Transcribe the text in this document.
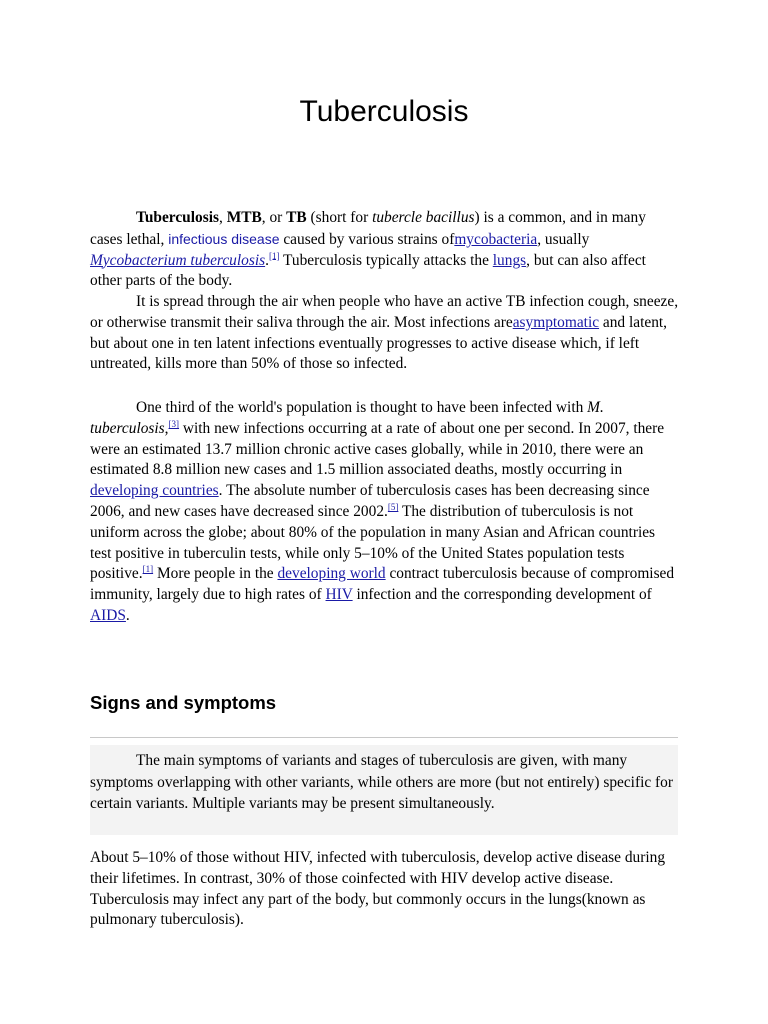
Tuberculosis

Tuberculosis, MTB, or TB (short for tubercle bacillus) is a common, and in many cases lethal, infectious disease caused by various strains ofmycobacteria, usually Mycobacterium tuberculosis.[1] Tuberculosis typically attacks the lungs, but can also affect other parts of the body.

It is spread through the air when people who have an active TB infection cough, sneeze, or otherwise transmit their saliva through the air. Most infections areasymptomatic and latent, but about one in ten latent infections eventually progresses to active disease which, if left untreated, kills more than 50% of those so infected.

One third of the world's population is thought to have been infected with M. tuberculosis,[3] with new infections occurring at a rate of about one per second. In 2007, there were an estimated 13.7 million chronic active cases globally, while in 2010, there were an estimated 8.8 million new cases and 1.5 million associated deaths, mostly occurring in developing countries. The absolute number of tuberculosis cases has been decreasing since 2006, and new cases have decreased since 2002.[5] The distribution of tuberculosis is not uniform across the globe; about 80% of the population in many Asian and African countries test positive in tuberculin tests, while only 5–10% of the United States population tests positive.[1] More people in the developing world contract tuberculosis because of compromised immunity, largely due to high rates of HIV infection and the corresponding development of AIDS.

Signs and symptoms

The main symptoms of variants and stages of tuberculosis are given, with many symptoms overlapping with other variants, while others are more (but not entirely) specific for certain variants. Multiple variants may be present simultaneously.

About 5–10% of those without HIV, infected with tuberculosis, develop active disease during their lifetimes. In contrast, 30% of those coinfected with HIV develop active disease. Tuberculosis may infect any part of the body, but commonly occurs in the lungs(known as pulmonary tuberculosis).
